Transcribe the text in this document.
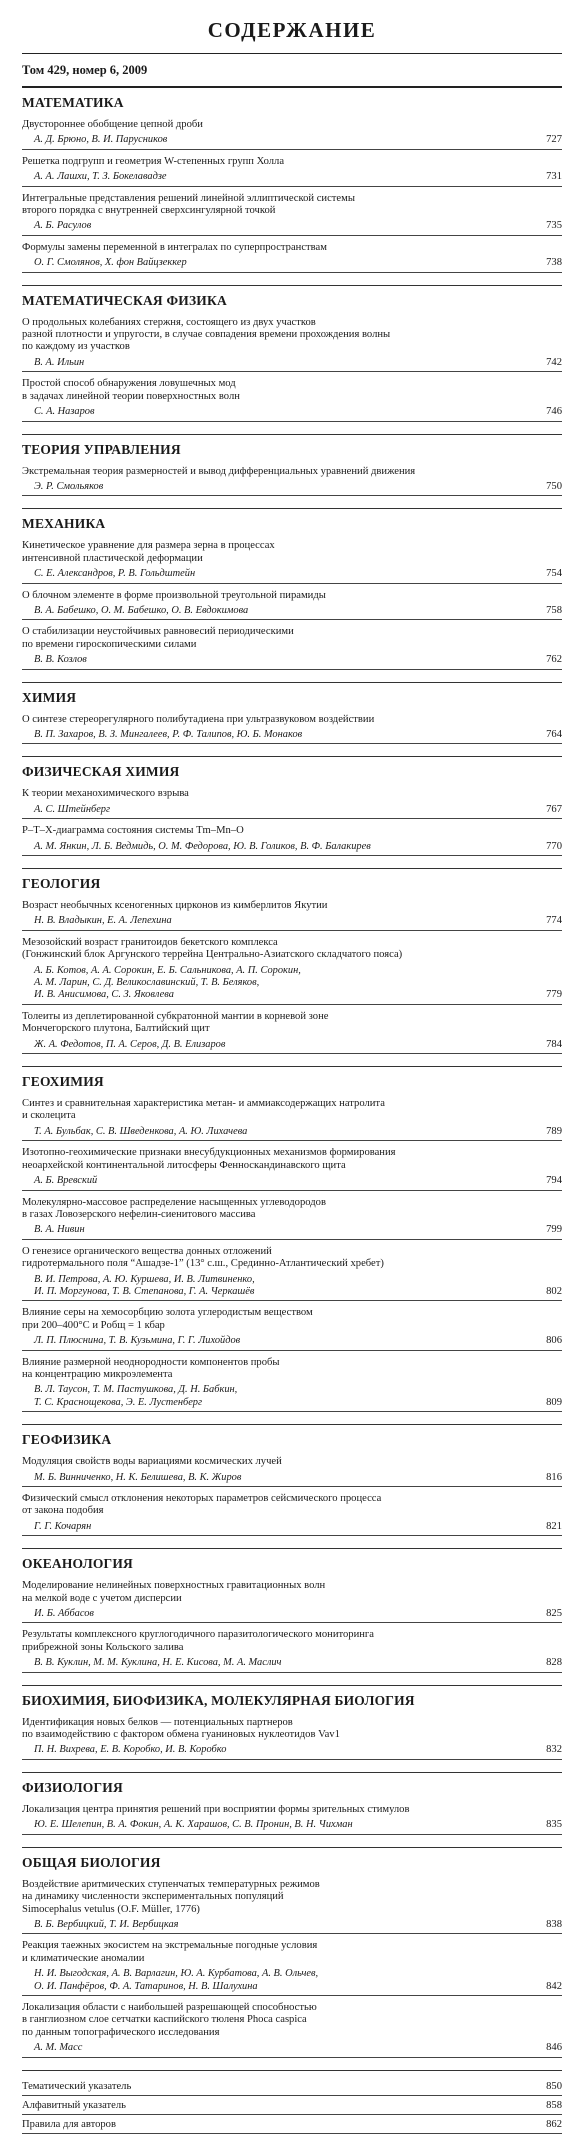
СОДЕРЖАНИЕ
Том 429, номер 6, 2009
МАТЕМАТИКА
Двустороннее обобщение цепной дроби
А. Д. Брюно, В. И. Парусников	727
Решетка подгрупп и геометрия W-степенных групп Холла
А. А. Лашхи, Т. З. Бокелавадзе	731
Интегральные представления решений линейной эллиптической системы
второго порядка с внутренней сверхсингулярной точкой
А. Б. Расулов	735
Формулы замены переменной в интегралах по суперпространствам
О. Г. Смолянов, Х. фон Вайцзеккер	738
МАТЕМАТИЧЕСКАЯ ФИЗИКА
О продольных колебаниях стержня, состоящего из двух участков
разной плотности и упругости, в случае совпадения времени прохождения волны
по каждому из участков
В. А. Ильин	742
Простой способ обнаружения ловушечных мод
в задачах линейной теории поверхностных волн
С. А. Назаров	746
ТЕОРИЯ УПРАВЛЕНИЯ
Экстремальная теория размерностей и вывод дифференциальных уравнений движения
Э. Р. Смольяков	750
МЕХАНИКА
Кинетическое уравнение для размера зерна в процессах
интенсивной пластической деформации
С. Е. Александров, Р. В. Гольдштейн	754
О блочном элементе в форме произвольной треугольной пирамиды
В. А. Бабешко, О. М. Бабешко, О. В. Евдокимова	758
О стабилизации неустойчивых равновесий периодическими
по времени гироскопическими силами
В. В. Козлов	762
ХИМИЯ
О синтезе стереорегулярного полибутадиена при ультразвуковом воздействии
В. П. Захаров, В. З. Мингалеев, Р. Ф. Талипов, Ю. Б. Монаков	764
ФИЗИЧЕСКАЯ ХИМИЯ
К теории механохимического взрыва
А. С. Штейнберг	767
P–T–X-диаграмма состояния системы Tm–Mn–O
А. М. Янкин, Л. Б. Ведмидь, О. М. Федорова, Ю. В. Голиков, В. Ф. Балакирев	770
ГЕОЛОГИЯ
Возраст необычных ксеногенных цирконов из кимберлитов Якутии
Н. В. Владыкин, Е. А. Лепехина	774
Мезозойский возраст гранитоидов бекетского комплекса
(Гонжинский блок Аргунского террейна Центрально-Азиатского складчатого пояса)
А. Б. Котов, А. А. Сорокин, Е. Б. Сальникова, А. П. Сорокин,
А. М. Ларин, С. Д. Великославинский, Т. В. Беляков,
И. В. Анисимова, С. З. Яковлева	779
Толеиты из деплетированной субкратонной мантии в корневой зоне
Мончегорского плутона, Балтийский щит
Ж. А. Федотов, П. А. Серов, Д. В. Елизаров	784
ГЕОХИМИЯ
Синтез и сравнительная характеристика метан- и аммиаксодержащих натролита
и сколецита
Т. А. Бульбак, С. В. Шведенкова, А. Ю. Лихачева	789
Изотопно-геохимические признаки внесубдукционных механизмов формирования
неоархейской континентальной литосферы Фенноскандинавского щита
А. Б. Вревский	794
Молекулярно-массовое распределение насыщенных углеводородов
в газах Ловозерского нефелин-сиенитового массива
В. А. Нивин	799
О генезисе органического вещества донных отложений
гидротермального поля “Ашадзе-1” (13° с.ш., Срединно-Атлантический хребет)
В. И. Петрова, А. Ю. Куршева, И. В. Литвиненко,
И. П. Моргунова, Т. В. Степанова, Г. А. Черкашёв	802
Влияние серы на хемосорбцию золота углеродистым веществом
при 200–400°С и Pобщ = 1 кбар
Л. П. Плюснина, Т. В. Кузьмина, Г. Г. Лихойдов	806
Влияние размерной неоднородности компонентов пробы
на концентрацию микроэлемента
В. Л. Таусон, Т. М. Пастушкова, Д. Н. Бабкин,
Т. С. Краснощекова, Э. Е. Лустенберг	809
ГЕОФИЗИКА
Модуляция свойств воды вариациями космических лучей
М. Б. Винниченко, Н. К. Белишева, В. К. Жиров	816
Физический смысл отклонения некоторых параметров сейсмического процесса
от закона подобия
Г. Г. Кочарян	821
ОКЕАНОЛОГИЯ
Моделирование нелинейных поверхностных гравитационных волн
на мелкой воде с учетом дисперсии
И. Б. Аббасов	825
Результаты комплексного круглогодичного паразитологического мониторинга
прибрежной зоны Кольского залива
В. В. Куклин, М. М. Куклина, Н. Е. Кисова, М. А. Маслич	828
БИОХИМИЯ, БИОФИЗИКА, МОЛЕКУЛЯРНАЯ БИОЛОГИЯ
Идентификация новых белков — потенциальных партнеров
по взаимодействию с фактором обмена гуаниновых нуклеотидов Vav1
П. Н. Вихрева, Е. В. Коробко, И. В. Коробко	832
ФИЗИОЛОГИЯ
Локализация центра принятия решений при восприятии формы зрительных стимулов
Ю. Е. Шелепин, В. А. Фокин, А. К. Харашов, С. В. Пронин, В. Н. Чихман	835
ОБЩАЯ БИОЛОГИЯ
Воздействие аритмических ступенчатых температурных режимов
на динамику численности экспериментальных популяций
Simocephalus vetulus (O.F. Müller, 1776)
В. Б. Вербицкий, Т. И. Вербицкая	838
Реакция таежных экосистем на экстремальные погодные условия
и климатические аномалии
Н. И. Выгодская, А. В. Варлагин, Ю. А. Курбатова, А. В. Ольчев,
О. И. Панфёров, Ф. А. Татаринов, Н. В. Шалухина	842
Локализация области с наибольшей разрешающей способностью
в ганглиозном слое сетчатки каспийского тюленя Phoca caspica
по данным топографического исследования
А. М. Масс	846
Тематический указатель	850
Алфавитный указатель	858
Правила для авторов	862
